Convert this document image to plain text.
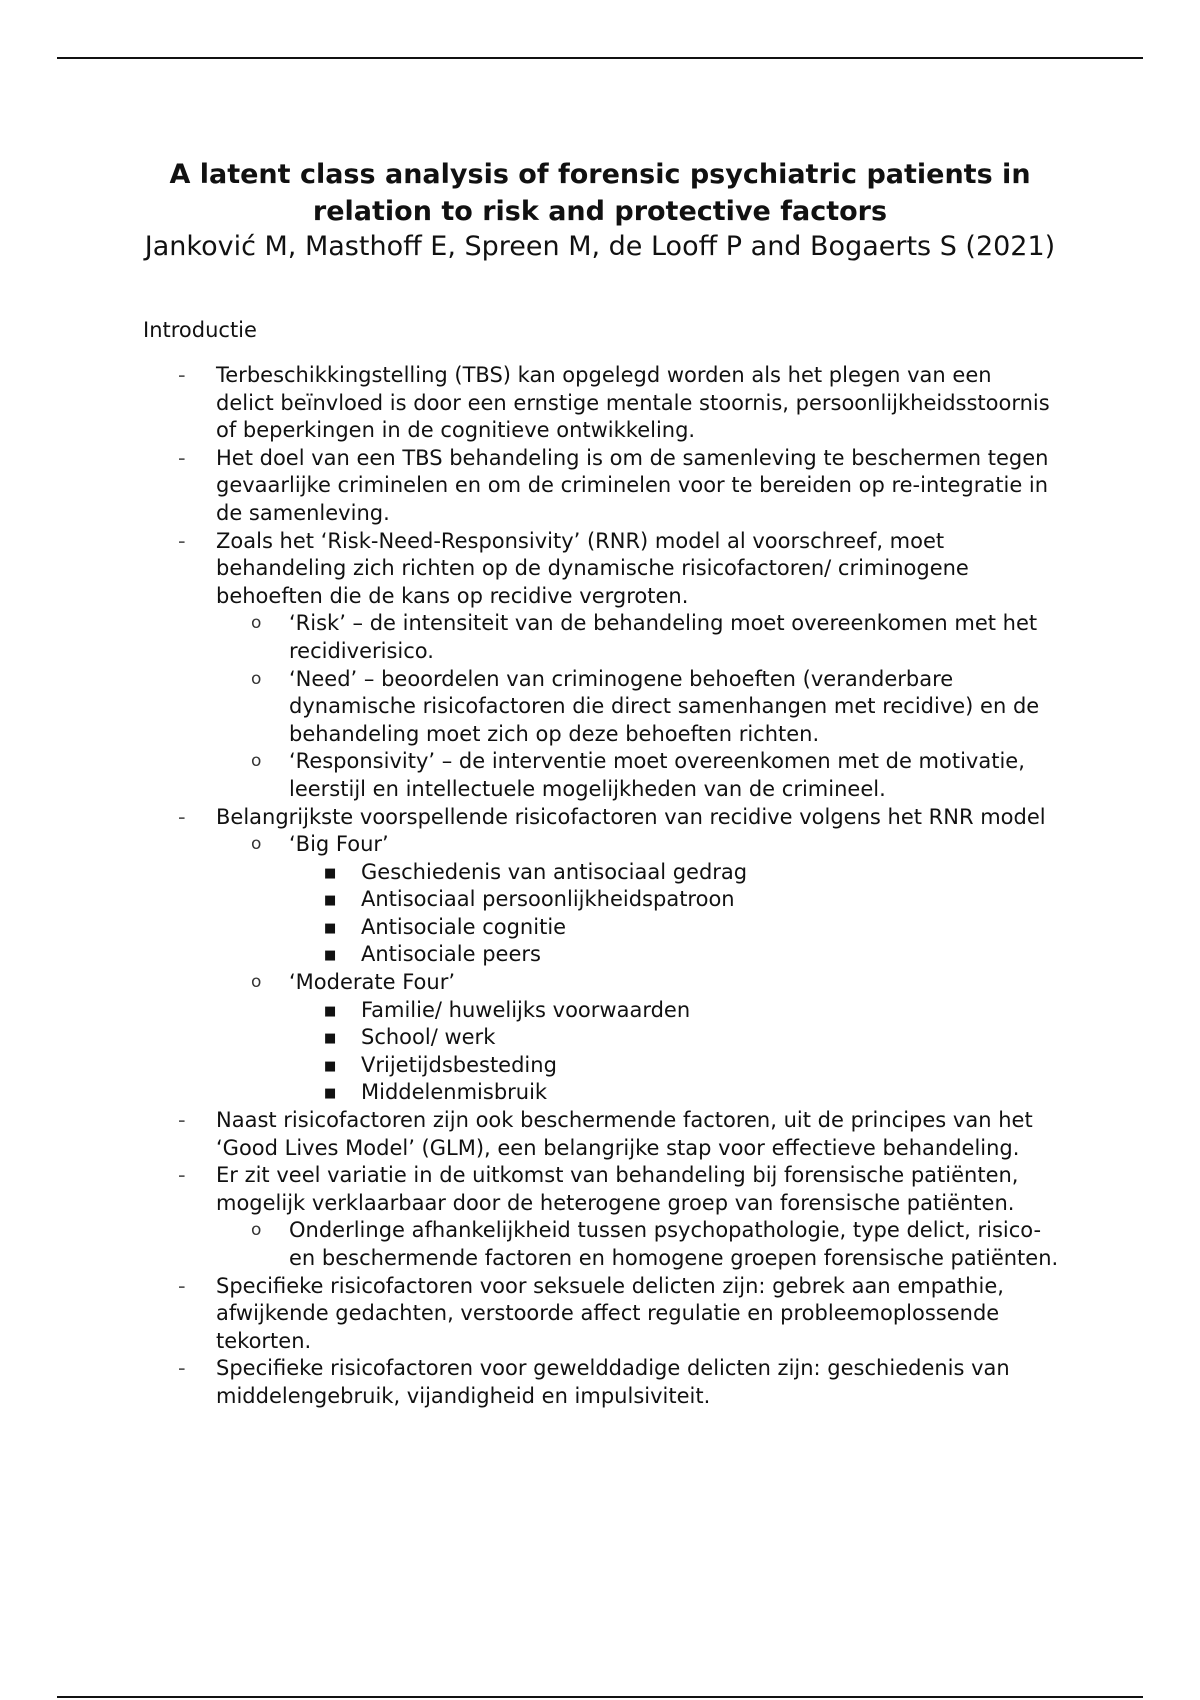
A latent class analysis of forensic psychiatric patients in relation to risk and protective factors
Janković M, Masthoff E, Spreen M, de Looff P and Bogaerts S (2021)
Introductie
- Terbeschikkingstelling (TBS) kan opgelegd worden als het plegen van een delict beïnvloed is door een ernstige mentale stoornis, persoonlijkheidsstoornis of beperkingen in de cognitieve ontwikkeling.
- Het doel van een TBS behandeling is om de samenleving te beschermen tegen gevaarlijke criminelen en om de criminelen voor te bereiden op re-integratie in de samenleving.
- Zoals het ‘Risk-Need-Responsivity’ (RNR) model al voorschreef, moet behandeling zich richten op de dynamische risicofactoren/ criminogene behoeften die de kans op recidive vergroten.
o ‘Risk’ – de intensiteit van de behandeling moet overeenkomen met het recidiverisico.
o ‘Need’ – beoordelen van criminogene behoeften (veranderbare dynamische risicofactoren die direct samenhangen met recidive) en de behandeling moet zich op deze behoeften richten.
o ‘Responsivity’ – de interventie moet overeenkomen met de motivatie, leerstijl en intellectuele mogelijkheden van de crimineel.
- Belangrijkste voorspellende risicofactoren van recidive volgens het RNR model
o ‘Big Four’
■ Geschiedenis van antisociaal gedrag
■ Antisociaal persoonlijkheidspatroon
■ Antisociale cognitie
■ Antisociale peers
o ‘Moderate Four’
■ Familie/ huwelijks voorwaarden
■ School/ werk
■ Vrijetijdsbesteding
■ Middelenmisbruik
- Naast risicofactoren zijn ook beschermende factoren, uit de principes van het ‘Good Lives Model’ (GLM), een belangrijke stap voor effectieve behandeling.
- Er zit veel variatie in de uitkomst van behandeling bij forensische patiënten, mogelijk verklaarbaar door de heterogene groep van forensische patiënten.
o Onderlinge afhankelijkheid tussen psychopathologie, type delict, risico- en beschermende factoren en homogene groepen forensische patiënten.
- Specifieke risicofactoren voor seksuele delicten zijn: gebrek aan empathie, afwijkende gedachten, verstoorde affect regulatie en probleemoplossende tekorten.
- Specifieke risicofactoren voor gewelddadige delicten zijn: geschiedenis van middelengebruik, vijandigheid en impulsiviteit.
